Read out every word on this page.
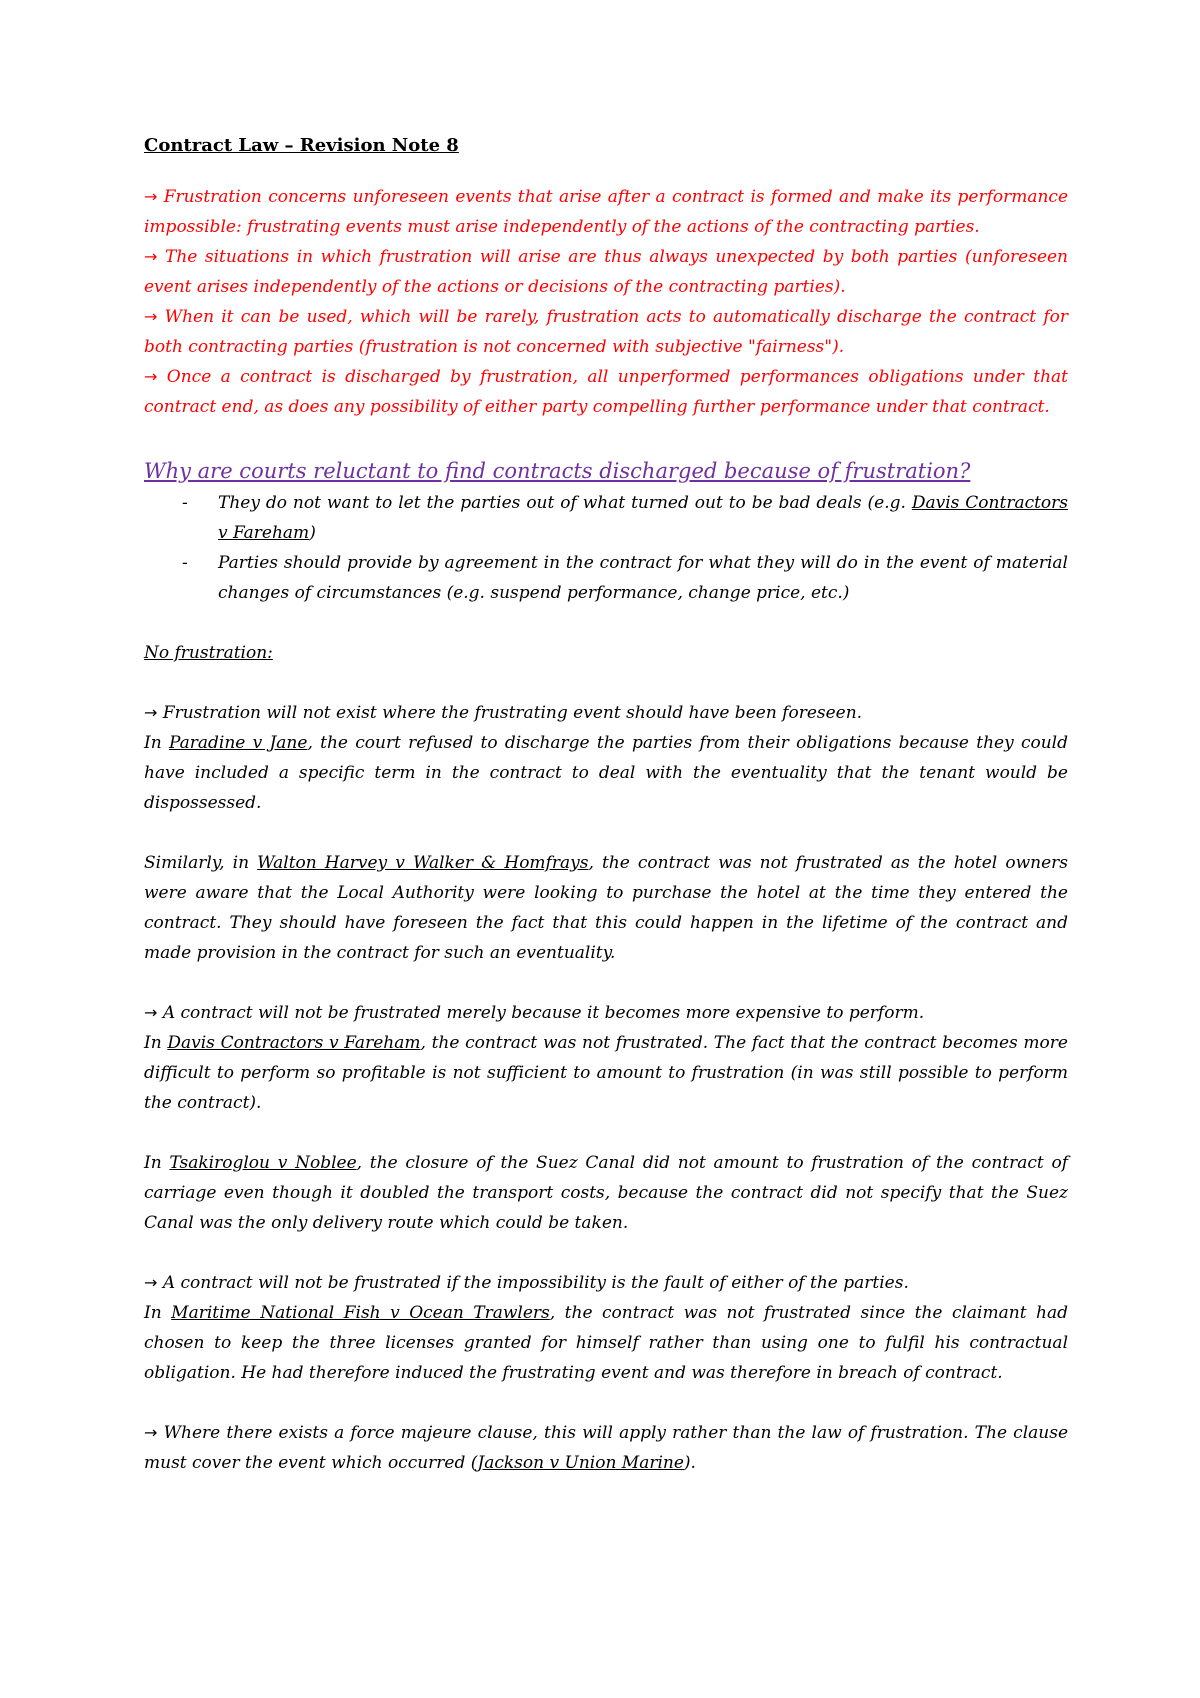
Contract Law – Revision Note 8

→ Frustration concerns unforeseen events that arise after a contract is formed and make its performance impossible: frustrating events must arise independently of the actions of the contracting parties.

→ The situations in which frustration will arise are thus always unexpected by both parties (unforeseen event arises independently of the actions or decisions of the contracting parties).

→ When it can be used, which will be rarely, frustration acts to automatically discharge the contract for both contracting parties (frustration is not concerned with subjective "fairness").

→ Once a contract is discharged by frustration, all unperformed performances obligations under that contract end, as does any possibility of either party compelling further performance under that contract.

Why are courts reluctant to find contracts discharged because of frustration?
- They do not want to let the parties out of what turned out to be bad deals (e.g. Davis Contractors v Fareham)
- Parties should provide by agreement in the contract for what they will do in the event of material changes of circumstances (e.g. suspend performance, change price, etc.)
No frustration:

→ Frustration will not exist where the frustrating event should have been foreseen.

In Paradine v Jane, the court refused to discharge the parties from their obligations because they could have included a specific term in the contract to deal with the eventuality that the tenant would be dispossessed.

Similarly, in Walton Harvey v Walker & Homfrays, the contract was not frustrated as the hotel owners were aware that the Local Authority were looking to purchase the hotel at the time they entered the contract. They should have foreseen the fact that this could happen in the lifetime of the contract and made provision in the contract for such an eventuality.

→ A contract will not be frustrated merely because it becomes more expensive to perform.

In Davis Contractors v Fareham, the contract was not frustrated. The fact that the contract becomes more difficult to perform so profitable is not sufficient to amount to frustration (in was still possible to perform the contract).

In Tsakiroglou v Noblee, the closure of the Suez Canal did not amount to frustration of the contract of carriage even though it doubled the transport costs, because the contract did not specify that the Suez Canal was the only delivery route which could be taken.

→ A contract will not be frustrated if the impossibility is the fault of either of the parties.

In Maritime National Fish v Ocean Trawlers, the contract was not frustrated since the claimant had chosen to keep the three licenses granted for himself rather than using one to fulfil his contractual obligation. He had therefore induced the frustrating event and was therefore in breach of contract.

→ Where there exists a force majeure clause, this will apply rather than the law of frustration. The clause must cover the event which occurred (Jackson v Union Marine).
